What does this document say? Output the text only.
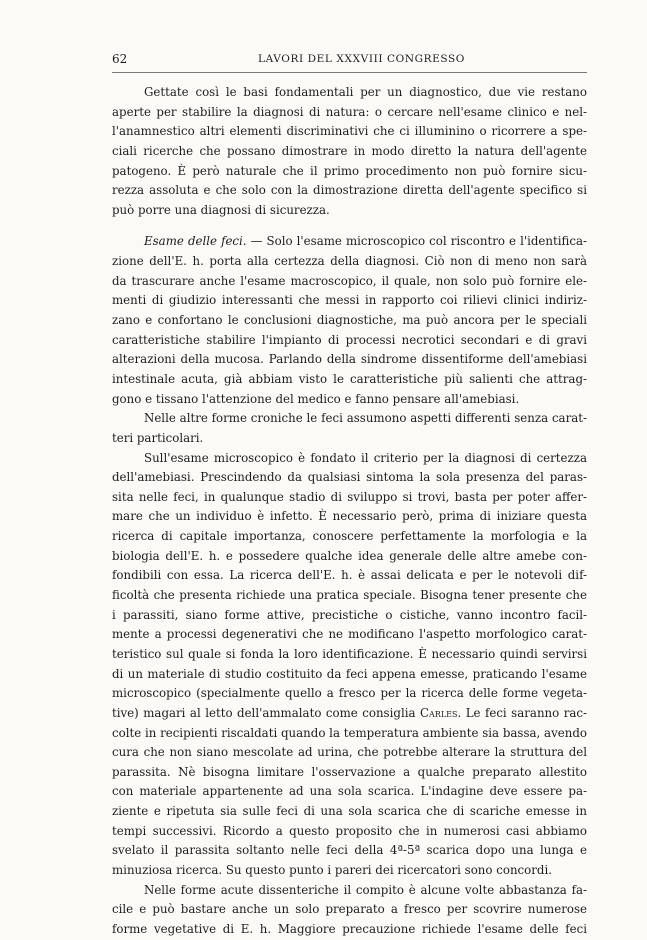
62	LAVORI DEL XXXVIII CONGRESSO
Gettate così le basi fondamentali per un diagnostico, due vie restano
aperte per stabilire la diagnosi di natura: o cercare nell'esame clinico e nel-
l'anamnestico altri elementi discriminativi che ci illuminino o ricorrere a spe-
ciali ricerche che possano dimostrare in modo diretto la natura dell'agente
patogeno. È però naturale che il primo procedimento non può fornire sicu-
rezza assoluta e che solo con la dimostrazione diretta dell'agente specifico si
può porre una diagnosi di sicurezza.
Esame delle feci. — Solo l'esame microscopico col riscontro e l'identifica-
zione dell'E. h. porta alla certezza della diagnosi. Ciò non di meno non sarà
da trascurare anche l'esame macroscopico, il quale, non solo può fornire ele-
menti di giudizio interessanti che messi in rapporto coi rilievi clinici indiriz-
zano e confortano le conclusioni diagnostiche, ma può ancora per le speciali
caratteristiche stabilire l'impianto di processi necrotici secondari e di gravi
alterazioni della mucosa. Parlando della sindrome dissentiforme dell'amebiasi
intestinale acuta, già abbiam visto le caratteristiche più salienti che attrag-
gono e tissano l'attenzione del medico e fanno pensare all'amebiasi.
Nelle altre forme croniche le feci assumono aspetti differenti senza carat-
teri particolari.
Sull'esame microscopico è fondato il criterio per la diagnosi di certezza
dell'amebiasi. Prescindendo da qualsiasi sintoma la sola presenza del paras-
sita nelle feci, in qualunque stadio di sviluppo si trovi, basta per poter affer-
mare che un individuo è infetto. È necessario però, prima di iniziare questa
ricerca di capitale importanza, conoscere perfettamente la morfologia e la
biologia dell'E. h. e possedere qualche idea generale delle altre amebe con-
fondibili con essa. La ricerca dell'E. h. è assai delicata e per le notevoli dif-
ficoltà che presenta richiede una pratica speciale. Bisogna tener presente che
i parassiti, siano forme attive, precistiche o cistiche, vanno incontro facil-
mente a processi degenerativi che ne modificano l'aspetto morfologico carat-
teristico sul quale si fonda la loro identificazione. È necessario quindi servirsi
di un materiale di studio costituito da feci appena emesse, praticando l'esame
microscopico (specialmente quello a fresco per la ricerca delle forme vegeta-
tive) magari al letto dell'ammalato come consiglia Carles. Le feci saranno rac-
colte in recipienti riscaldati quando la temperatura ambiente sia bassa, avendo
cura che non siano mescolate ad urina, che potrebbe alterare la struttura del
parassita. Nè bisogna limitare l'osservazione a qualche preparato allestito
con materiale appartenente ad una sola scarica. L'indagine deve essere pa-
ziente e ripetuta sia sulle feci di una sola scarica che di scariche emesse in
tempi successivi. Ricordo a questo proposito che in numerosi casi abbiamo
svelato il parassita soltanto nelle feci della 4ª-5ª scarica dopo una lunga e
minuziosa ricerca. Su questo punto i pareri dei ricercatori sono concordi.
Nelle forme acute dissenteriche il compito è alcune volte abbastanza fa-
cile e può bastare anche un solo preparato a fresco per scovrire numerose
forme vegetative di E. h. Maggiore precauzione richiede l'esame delle feci
